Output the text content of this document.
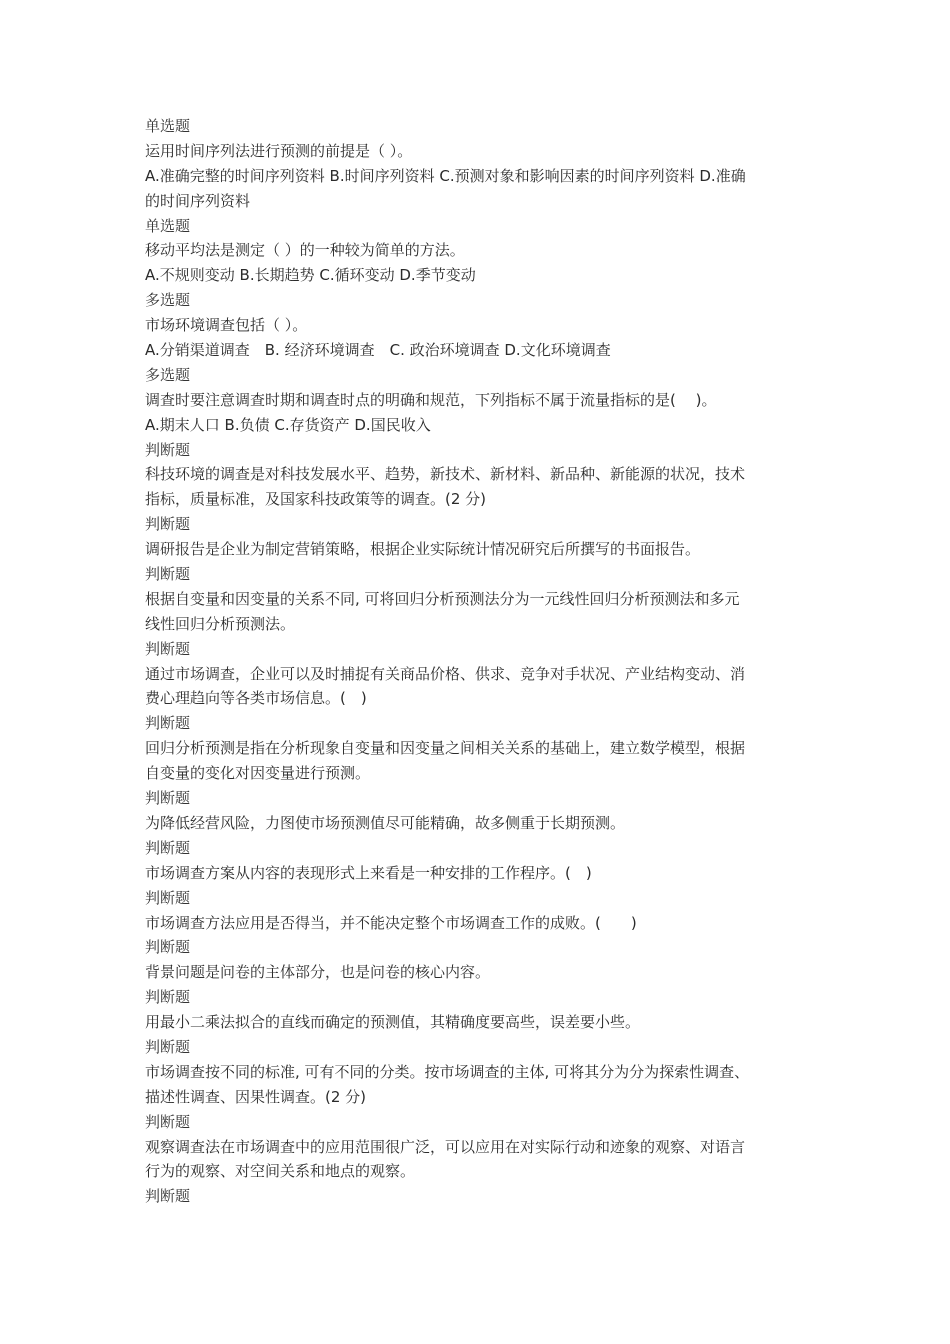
单选题
运用时间序列法进行预测的前提是（ ）。
A.准确完整的时间序列资料 B.时间序列资料 C.预测对象和影响因素的时间序列资料 D.准确
的时间序列资料
单选题
移动平均法是测定（ ）的一种较为简单的方法。
A.不规则变动 B.长期趋势 C.循环变动 D.季节变动
多选题
市场环境调查包括（ ）。
A.分销渠道调查　B. 经济环境调查　C. 政治环境调查 D.文化环境调查
多选题
调查时要注意调查时期和调查时点的明确和规范，下列指标不属于流量指标的是(　 )。
A.期末人口 B.负债 C.存货资产 D.国民收入
判断题
科技环境的调查是对科技发展水平、趋势，新技术、新材料、新品种、新能源的状况，技术
指标，质量标准，及国家科技政策等的调查。(2 分)
判断题
调研报告是企业为制定营销策略，根据企业实际统计情况研究后所撰写的书面报告。
判断题
根据自变量和因变量的关系不同, 可将回归分析预测法分为一元线性回归分析预测法和多元
线性回归分析预测法。
判断题
通过市场调查，企业可以及时捕捉有关商品价格、供求、竞争对手状况、产业结构变动、消
费心理趋向等各类市场信息。(　)
判断题
回归分析预测是指在分析现象自变量和因变量之间相关关系的基础上，建立数学模型，根据
自变量的变化对因变量进行预测。
判断题
为降低经营风险，力图使市场预测值尽可能精确，故多侧重于长期预测。
判断题
市场调查方案从内容的表现形式上来看是一种安排的工作程序。(　)
判断题
市场调查方法应用是否得当，并不能决定整个市场调查工作的成败。(　　)
判断题
背景问题是问卷的主体部分，也是问卷的核心内容。
判断题
用最小二乘法拟合的直线而确定的预测值，其精确度要高些，误差要小些。
判断题
市场调查按不同的标准, 可有不同的分类。按市场调查的主体, 可将其分为分为探索性调查、
描述性调查、因果性调查。(2 分)
判断题
观察调查法在市场调查中的应用范围很广泛，可以应用在对实际行动和迹象的观察、对语言
行为的观察、对空间关系和地点的观察。
判断题
